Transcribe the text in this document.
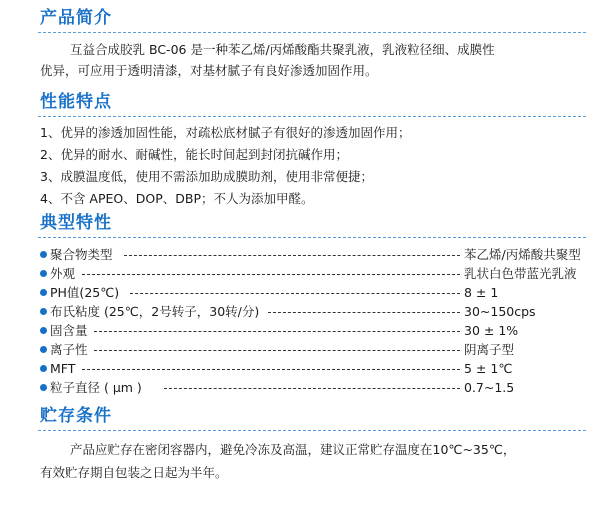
产品简介
互益合成胶乳 BC-06 是一种苯乙烯/丙烯酸酯共聚乳液，乳液粒径细、成膜性
优异，可应用于透明清漆，对基材腻子有良好渗透加固作用。
性能特点
1、优异的渗透加固性能，对疏松底材腻子有很好的渗透加固作用；
2、优异的耐水、耐碱性，能长时间起到封闭抗碱作用；
3、成膜温度低，使用不需添加助成膜助剂，使用非常便捷；
4、不含 APEO、DOP、DBP；不人为添加甲醛。
典型特性
聚合物类型	苯乙烯/丙烯酸共聚型
外观	乳状白色带蓝光乳液
PH值(25℃)	8 ± 1
布氏粘度 (25℃，2号转子，30转/分)	30~150cps
固含量	30 ± 1%
离子性	阴离子型
MFT	5 ± 1℃
粒子直径 ( μm )	0.7~1.5
贮存条件
产品应贮存在密闭容器内，避免冷冻及高温，建议正常贮存温度在10℃~35℃，
有效贮存期自包装之日起为半年。
